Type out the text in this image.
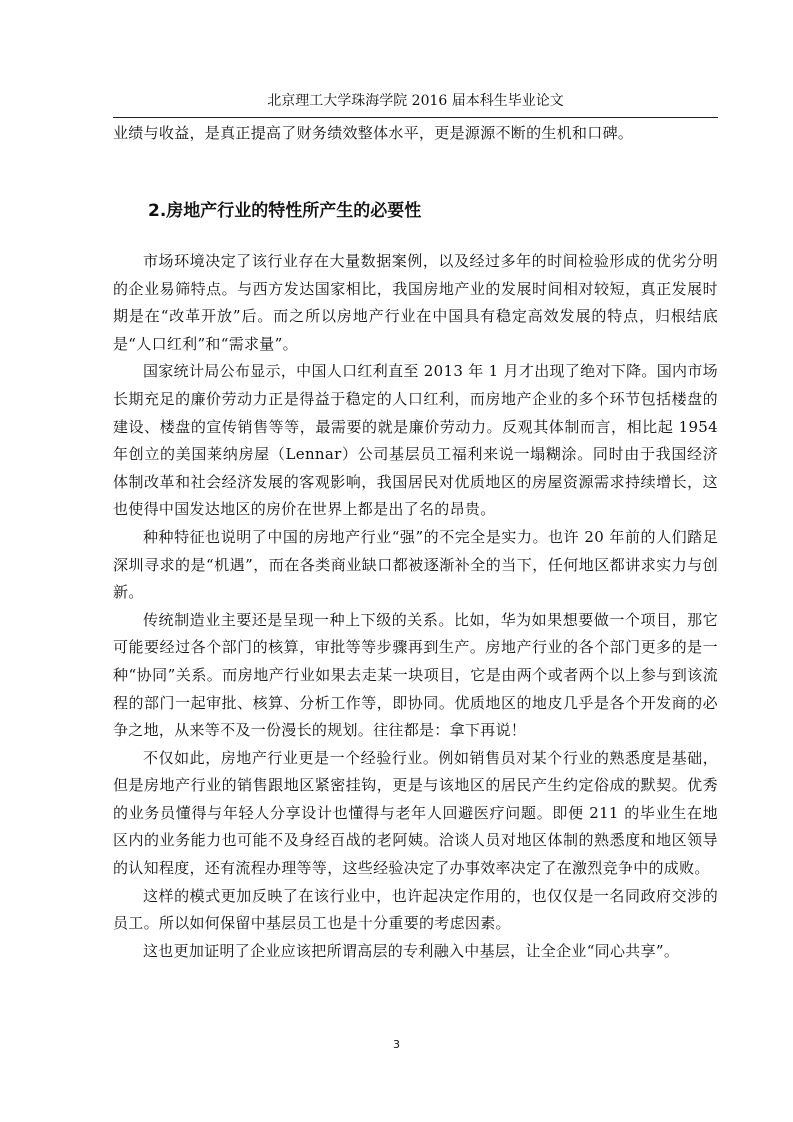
北京理工大学珠海学院 2016 届本科生毕业论文
业绩与收益，是真正提高了财务绩效整体水平，更是源源不断的生机和口碑。
2.房地产行业的特性所产生的必要性

市场环境决定了该行业存在大量数据案例，以及经过多年的时间检验形成的优劣分明的企业易筛特点。与西方发达国家相比，我国房地产业的发展时间相对较短，真正发展时期是在“改革开放”后。而之所以房地产行业在中国具有稳定高效发展的特点，归根结底是“人口红利”和“需求量”。

国家统计局公布显示，中国人口红利直至 2013 年 1 月才出现了绝对下降。国内市场长期充足的廉价劳动力正是得益于稳定的人口红利，而房地产企业的多个环节包括楼盘的建设、楼盘的宣传销售等等，最需要的就是廉价劳动力。反观其体制而言，相比起 1954 年创立的美国莱纳房屋（Lennar）公司基层员工福利来说一塌糊涂。同时由于我国经济体制改革和社会经济发展的客观影响，我国居民对优质地区的房屋资源需求持续增长，这也使得中国发达地区的房价在世界上都是出了名的昂贵。

种种特征也说明了中国的房地产行业“强”的不完全是实力。也许 20 年前的人们踏足深圳寻求的是“机遇”，而在各类商业缺口都被逐渐补全的当下，任何地区都讲求实力与创新。

传统制造业主要还是呈现一种上下级的关系。比如，华为如果想要做一个项目，那它可能要经过各个部门的核算，审批等等步骤再到生产。房地产行业的各个部门更多的是一种“协同”关系。而房地产行业如果去走某一块项目，它是由两个或者两个以上参与到该流程的部门一起审批、核算、分析工作等，即协同。优质地区的地皮几乎是各个开发商的必争之地，从来等不及一份漫长的规划。往往都是：拿下再说！

不仅如此，房地产行业更是一个经验行业。例如销售员对某个行业的熟悉度是基础，但是房地产行业的销售跟地区紧密挂钩，更是与该地区的居民产生约定俗成的默契。优秀的业务员懂得与年轻人分享设计也懂得与老年人回避医疗问题。即便 211 的毕业生在地区内的业务能力也可能不及身经百战的老阿姨。洽谈人员对地区体制的熟悉度和地区领导的认知程度，还有流程办理等等，这些经验决定了办事效率决定了在激烈竞争中的成败。

这样的模式更加反映了在该行业中，也许起决定作用的，也仅仅是一名同政府交涉的员工。所以如何保留中基层员工也是十分重要的考虑因素。

这也更加证明了企业应该把所谓高层的专利融入中基层，让全企业“同心共享”。

3
